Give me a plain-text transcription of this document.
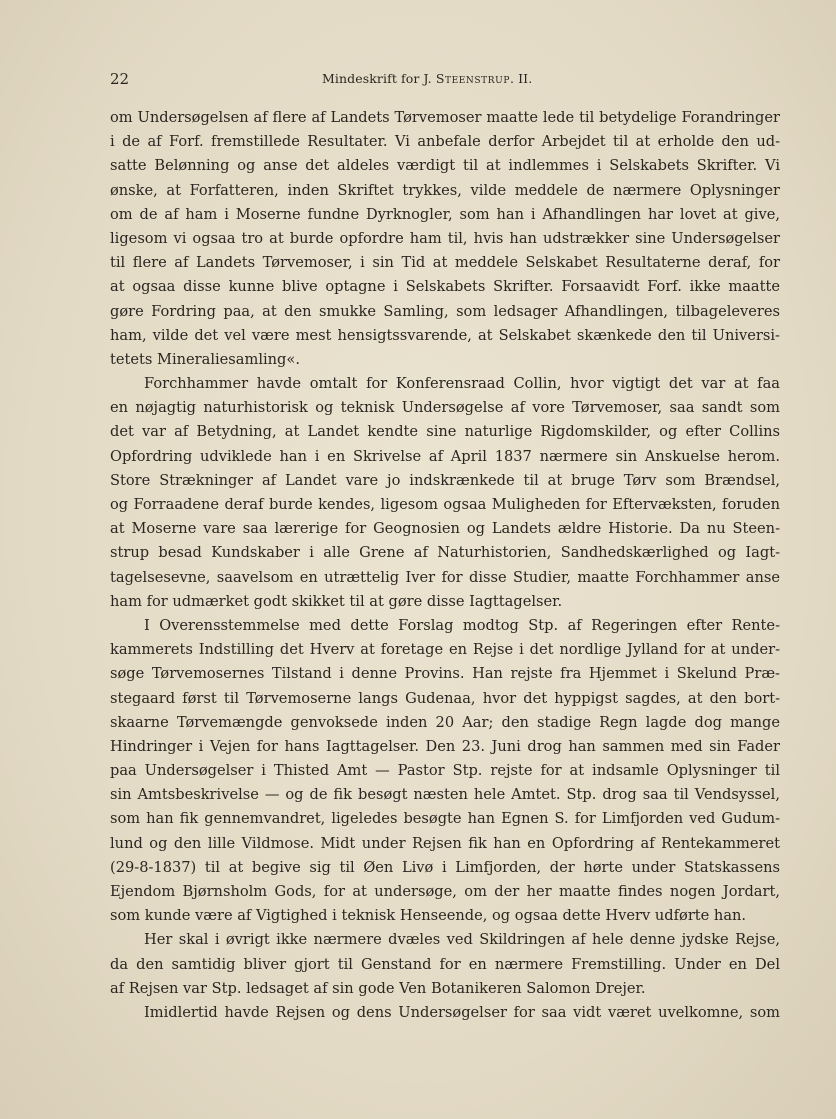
22	Mindeskrift for J. Steenstrup. II.
om Undersøgelsen af flere af Landets Tørvemoser maatte lede til betydelige Forandringer
i de af Forf. fremstillede Resultater. Vi anbefale derfor Arbejdet til at erholde den ud-
satte Belønning og anse det aldeles værdigt til at indlemmes i Selskabets Skrifter. Vi
ønske, at Forfatteren, inden Skriftet trykkes, vilde meddele de nærmere Oplysninger
om de af ham i Moserne fundne Dyrknogler, som han i Afhandlingen har lovet at give,
ligesom vi ogsaa tro at burde opfordre ham til, hvis han udstrækker sine Undersøgelser
til flere af Landets Tørvemoser, i sin Tid at meddele Selskabet Resultaterne deraf, for
at ogsaa disse kunne blive optagne i Selskabets Skrifter. Forsaavidt Forf. ikke maatte
gøre Fordring paa, at den smukke Samling, som ledsager Afhandlingen, tilbageleveres
ham, vilde det vel være mest hensigtssvarende, at Selskabet skænkede den til Universi-
tetets Mineraliesamling«.
Forchhammer havde omtalt for Konferensraad Collin, hvor vigtigt det var at faa
en nøjagtig naturhistorisk og teknisk Undersøgelse af vore Tørvemoser, saa sandt som
det var af Betydning, at Landet kendte sine naturlige Rigdomskilder, og efter Collins
Opfordring udviklede han i en Skrivelse af April 1837 nærmere sin Anskuelse herom.
Store Strækninger af Landet vare jo indskrænkede til at bruge Tørv som Brændsel,
og Forraadene deraf burde kendes, ligesom ogsaa Muligheden for Eftervæksten, foruden
at Moserne vare saa lærerige for Geognosien og Landets ældre Historie. Da nu Steen-
strup besad Kundskaber i alle Grene af Naturhistorien, Sandhedskærlighed og Iagt-
tagelsesevne, saavelsom en utrættelig Iver for disse Studier, maatte Forchhammer anse
ham for udmærket godt skikket til at gøre disse Iagttagelser.
I Overensstemmelse med dette Forslag modtog Stp. af Regeringen efter Rente-
kammerets Indstilling det Hverv at foretage en Rejse i det nordlige Jylland for at under-
søge Tørvemosernes Tilstand i denne Provins. Han rejste fra Hjemmet i Skelund Præ-
stegaard først til Tørvemoserne langs Gudenaa, hvor det hyppigst sagdes, at den bort-
skaarne Tørvemængde genvoksede inden 20 Aar; den stadige Regn lagde dog mange
Hindringer i Vejen for hans Iagttagelser. Den 23. Juni drog han sammen med sin Fader
paa Undersøgelser i Thisted Amt — Pastor Stp. rejste for at indsamle Oplysninger til
sin Amtsbeskrivelse — og de fik besøgt næsten hele Amtet. Stp. drog saa til Vendsyssel,
som han fik gennemvandret, ligeledes besøgte han Egnen S. for Limfjorden ved Gudum-
lund og den lille Vildmose. Midt under Rejsen fik han en Opfordring af Rentekammeret
(29-8-1837) til at begive sig til Øen Livø i Limfjorden, der hørte under Statskassens
Ejendom Bjørnsholm Gods, for at undersøge, om der her maatte findes nogen Jordart,
som kunde være af Vigtighed i teknisk Henseende, og ogsaa dette Hverv udførte han.
Her skal i øvrigt ikke nærmere dvæles ved Skildringen af hele denne jydske Rejse,
da den samtidig bliver gjort til Genstand for en nærmere Fremstilling. Under en Del
af Rejsen var Stp. ledsaget af sin gode Ven Botanikeren Salomon Drejer.
Imidlertid havde Rejsen og dens Undersøgelser for saa vidt været uvelkomne, som
